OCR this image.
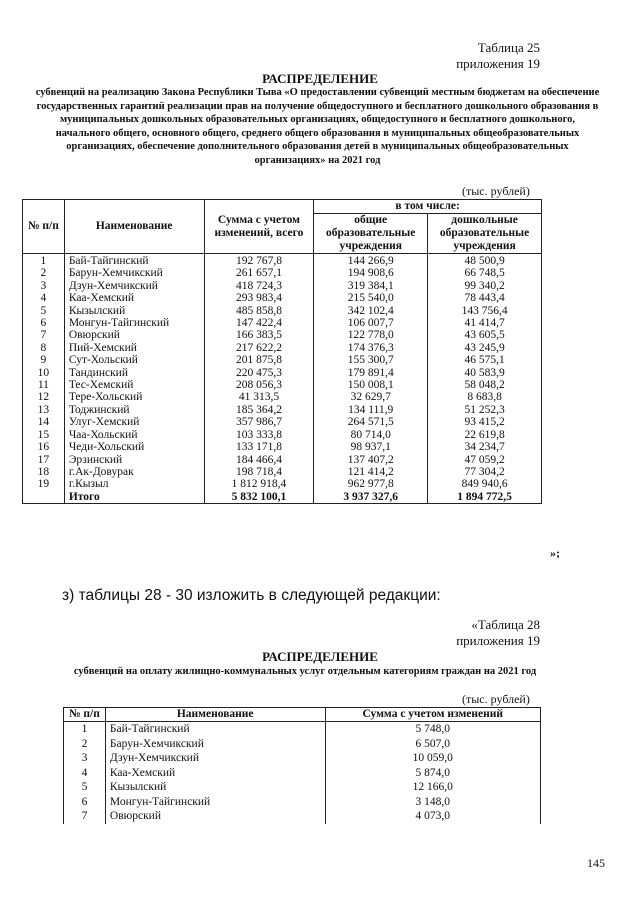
Таблица 25
приложения 19
РАСПРЕДЕЛЕНИЕ
субвенций на реализацию Закона Республики Тыва «О предоставлении субвенций местным бюджетам на обеспечение государственных гарантий реализации прав на получение общедоступного и бесплатного дошкольного образования в муниципальных дошкольных образовательных организациях, общедоступного и бесплатного дошкольного, начального общего, основного общего, среднего общего образования в муниципальных общеобразовательных организациях, обеспечение дополнительного образования детей в муниципальных общеобразовательных организациях» на 2021 год
(тыс. рублей)
№ п/п	Наименование	Сумма с учетом изменений, всего	в том числе:	
			общие образовательные учреждения	дошкольные образовательные учреждения
1	Бай-Тайгинский	192 767,8	144 266,9	48 500,9
2	Барун-Хемчикский	261 657,1	194 908,6	66 748,5
3	Дзун-Хемчикский	418 724,3	319 384,1	99 340,2
4	Каа-Хемский	293 983,4	215 540,0	78 443,4
5	Кызылский	485 858,8	342 102,4	143 756,4
6	Монгун-Тайгинский	147 422,4	106 007,7	41 414,7
7	Овюрский	166 383,5	122 778,0	43 605,5
8	Пий-Хемский	217 622,2	174 376,3	43 245,9
9	Сут-Хольский	201 875,8	155 300,7	46 575,1
10	Тандинский	220 475,3	179 891,4	40 583,9
11	Тес-Хемский	208 056,3	150 008,1	58 048,2
12	Тере-Хольский	41 313,5	32 629,7	8 683,8
13	Тоджинский	185 364,2	134 111,9	51 252,3
14	Улуг-Хемский	357 986,7	264 571,5	93 415,2
15	Чаа-Хольский	103 333,8	80 714,0	22 619,8
16	Чеди-Хольский	133 171,8	98 937,1	34 234,7
17	Эрзинский	184 466,4	137 407,2	47 059,2
18	г.Ак-Довурак	198 718,4	121 414,2	77 304,2
19	г.Кызыл	1 812 918,4	962 977,8	849 940,6
	Итого	5 832 100,1	3 937 327,6	1 894 772,5
»;
з) таблицы 28 - 30 изложить в следующей редакции:
«Таблица 28
приложения 19
РАСПРЕДЕЛЕНИЕ
субвенций на оплату жилищно-коммунальных услуг отдельным категориям граждан на 2021 год
(тыс. рублей)
№ п/п	Наименование	Сумма с учетом изменений
1	Бай-Тайгинский	5 748,0
2	Барун-Хемчикский	6 507,0
3	Дзун-Хемчикский	10 059,0
4	Каа-Хемский	5 874,0
5	Кызылский	12 166,0
6	Монгун-Тайгинский	3 148,0
7	Овюрский	4 073,0
145
